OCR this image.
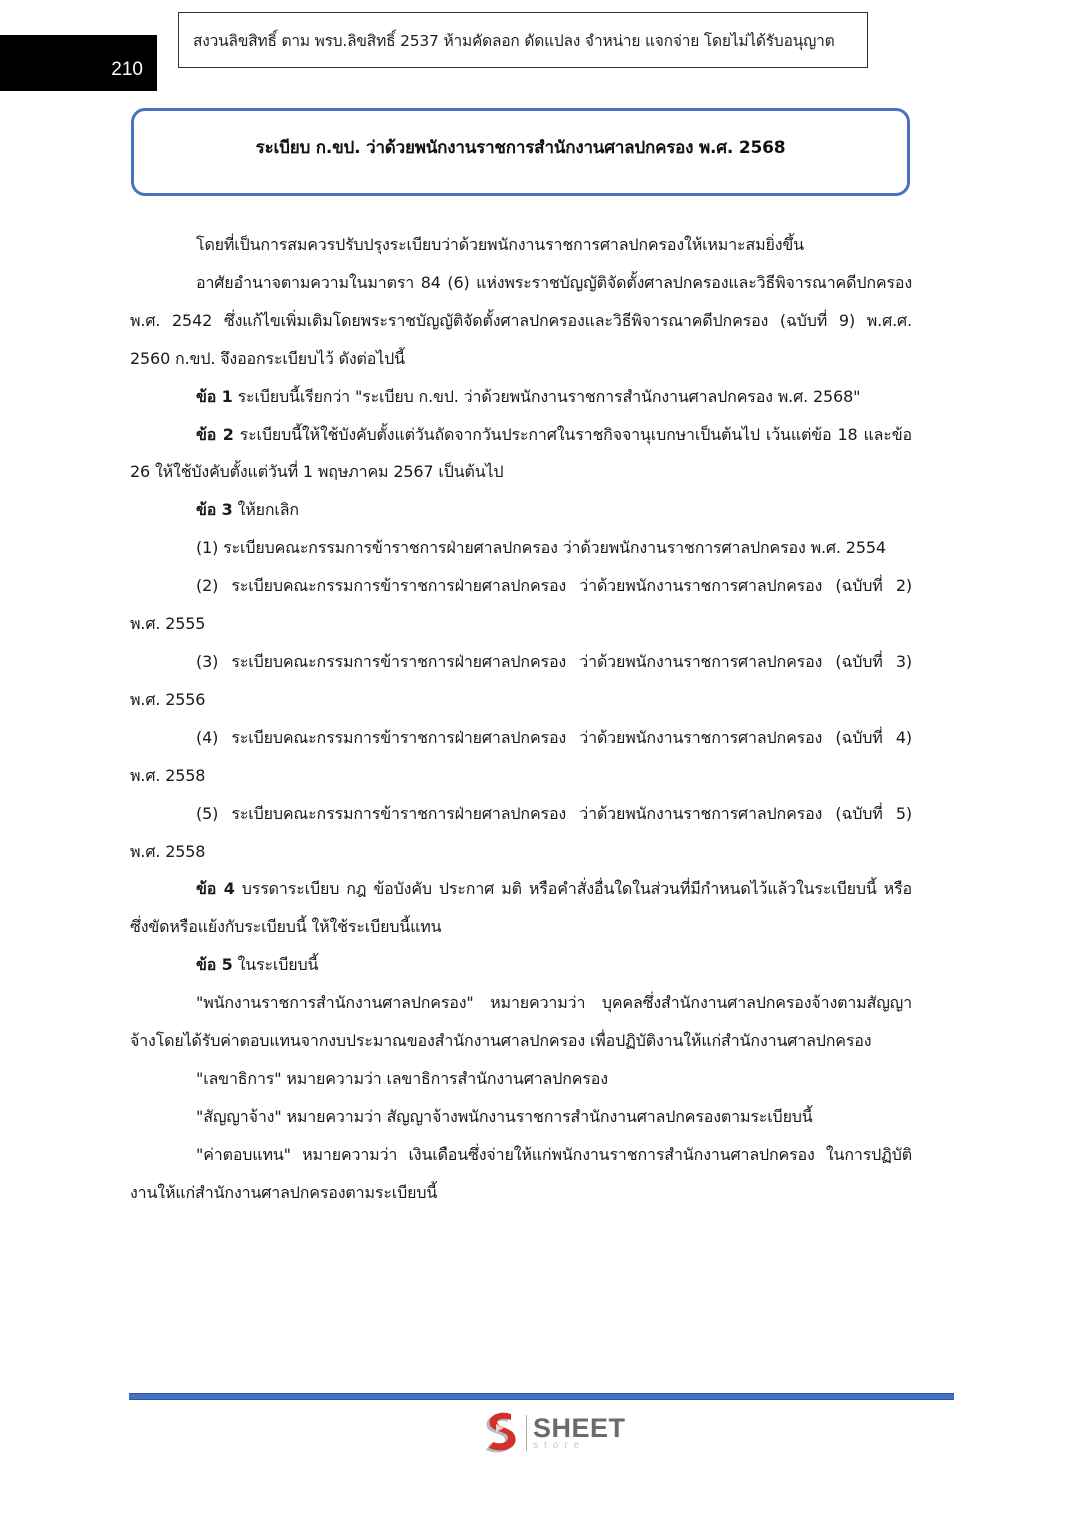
210
สงวนลิขสิทธิ์ ตาม พรบ.ลิขสิทธิ์ 2537 ห้ามคัดลอก ดัดแปลง จำหน่าย แจกจ่าย โดยไม่ได้รับอนุญาต
ระเบียบ ก.ขป. ว่าด้วยพนักงานราชการสำนักงานศาลปกครอง พ.ศ. 2568

โดยที่เป็นการสมควรปรับปรุงระเบียบว่าด้วยพนักงานราชการศาลปกครองให้เหมาะสมยิ่งขึ้น

อาศัยอำนาจตามความในมาตรา 84 (6) แห่งพระราชบัญญัติจัดตั้งศาลปกครองและวิธีพิจารณาคดีปกครอง พ.ศ. 2542 ซึ่งแก้ไขเพิ่มเติมโดยพระราชบัญญัติจัดตั้งศาลปกครองและวิธีพิจารณาคดีปกครอง (ฉบับที่ 9) พ.ศ.ศ. 2560 ก.ขป. จึงออกระเบียบไว้ ดังต่อไปนี้

ข้อ 1 ระเบียบนี้เรียกว่า "ระเบียบ ก.ขป. ว่าด้วยพนักงานราชการสำนักงานศาลปกครอง พ.ศ. 2568"

ข้อ 2 ระเบียบนี้ให้ใช้บังคับตั้งแต่วันถัดจากวันประกาศในราชกิจจานุเบกษาเป็นต้นไป เว้นแต่ข้อ 18 และข้อ 26 ให้ใช้บังคับตั้งแต่วันที่ 1 พฤษภาคม 2567 เป็นต้นไป

ข้อ 3 ให้ยกเลิก

(1) ระเบียบคณะกรรมการข้าราชการฝ่ายศาลปกครอง ว่าด้วยพนักงานราชการศาลปกครอง พ.ศ. 2554

(2) ระเบียบคณะกรรมการข้าราชการฝ่ายศาลปกครอง ว่าด้วยพนักงานราชการศาลปกครอง (ฉบับที่ 2) พ.ศ. 2555

(3) ระเบียบคณะกรรมการข้าราชการฝ่ายศาลปกครอง ว่าด้วยพนักงานราชการศาลปกครอง (ฉบับที่ 3) พ.ศ. 2556

(4) ระเบียบคณะกรรมการข้าราชการฝ่ายศาลปกครอง ว่าด้วยพนักงานราชการศาลปกครอง (ฉบับที่ 4) พ.ศ. 2558

(5) ระเบียบคณะกรรมการข้าราชการฝ่ายศาลปกครอง ว่าด้วยพนักงานราชการศาลปกครอง (ฉบับที่ 5) พ.ศ. 2558

ข้อ 4 บรรดาระเบียบ กฎ ข้อบังคับ ประกาศ มติ หรือคำสั่งอื่นใดในส่วนที่มีกำหนดไว้แล้วในระเบียบนี้ หรือซึ่งขัดหรือแย้งกับระเบียบนี้ ให้ใช้ระเบียบนี้แทน

ข้อ 5 ในระเบียบนี้

"พนักงานราชการสำนักงานศาลปกครอง" หมายความว่า บุคคลซึ่งสำนักงานศาลปกครองจ้างตามสัญญาจ้างโดยได้รับค่าตอบแทนจากงบประมาณของสำนักงานศาลปกครอง เพื่อปฏิบัติงานให้แก่สำนักงานศาลปกครอง

"เลขาธิการ" หมายความว่า เลขาธิการสำนักงานศาลปกครอง

"สัญญาจ้าง" หมายความว่า สัญญาจ้างพนักงานราชการสำนักงานศาลปกครองตามระเบียบนี้

"ค่าตอบแทน" หมายความว่า เงินเดือนซึ่งจ่ายให้แก่พนักงานราชการสำนักงานศาลปกครอง ในการปฏิบัติงานให้แก่สำนักงานศาลปกครองตามระเบียบนี้

SHEET
store
